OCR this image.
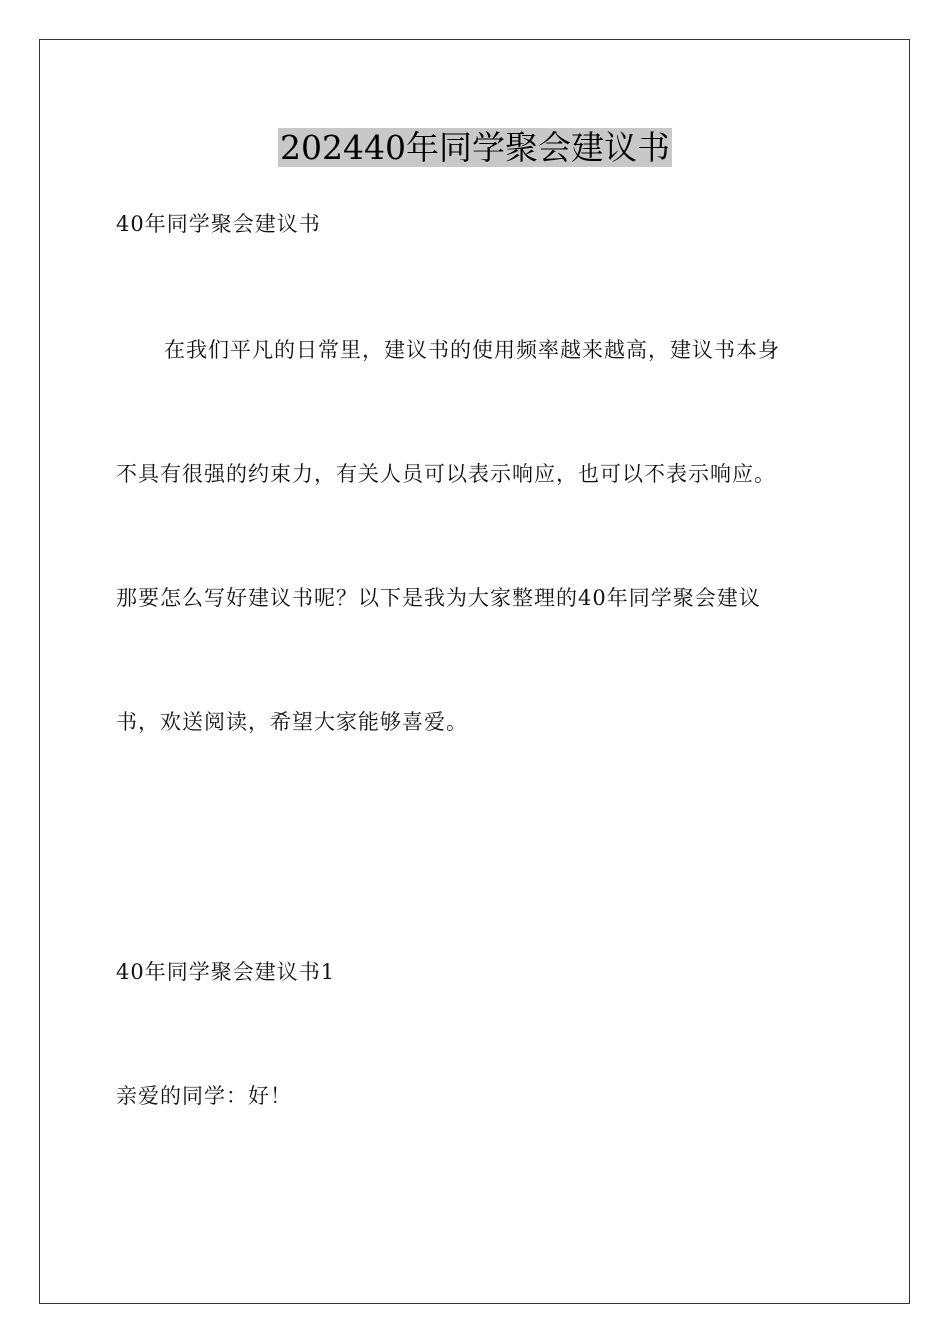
202440年同学聚会建议书
40年同学聚会建议书
在我们平凡的日常里，建议书的使用频率越来越高，建议书本身
不具有很强的约束力，有关人员可以表示响应，也可以不表示响应。
那要怎么写好建议书呢？以下是我为大家整理的40年同学聚会建议
书，欢送阅读，希望大家能够喜爱。
40年同学聚会建议书1
亲爱的同学：好！
